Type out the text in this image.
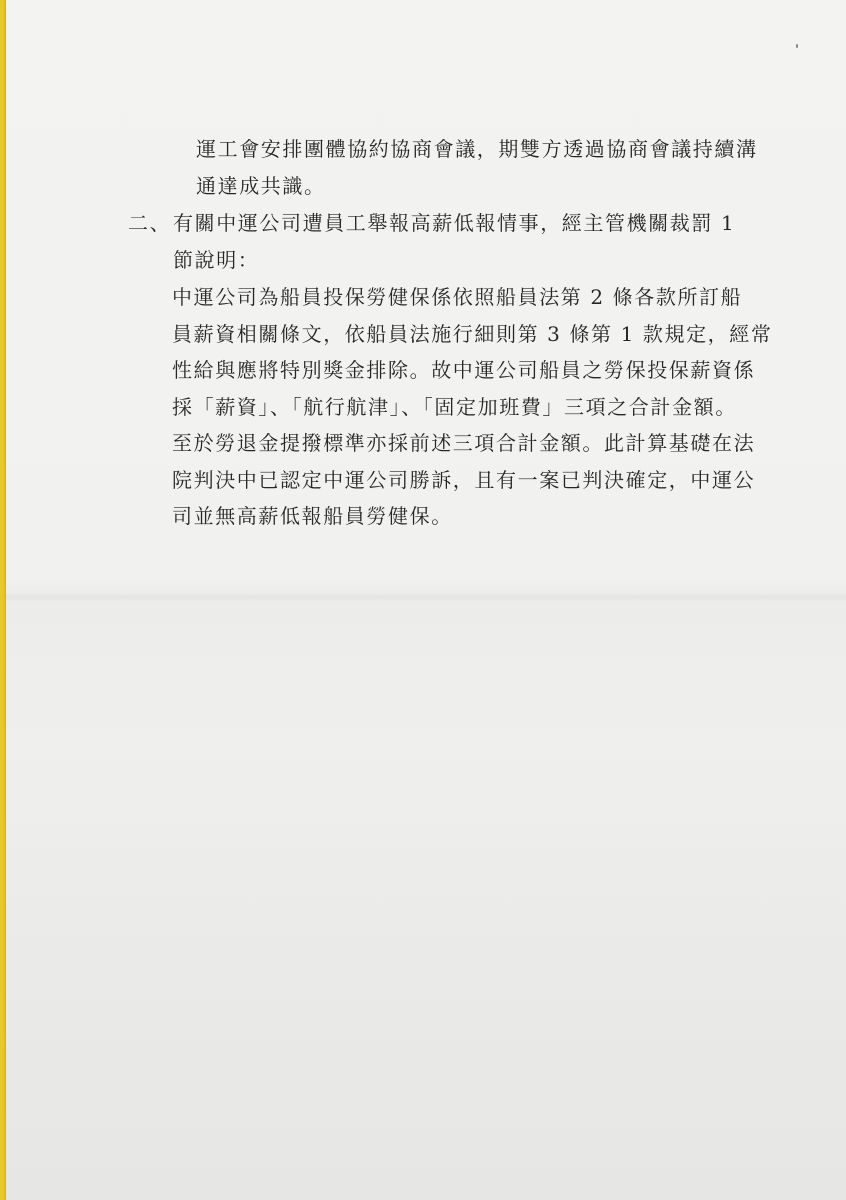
運工會安排團體協約協商會議，期雙方透過協商會議持續溝
通達成共識。
二、 有關中運公司遭員工舉報高薪低報情事，經主管機關裁罰 1
節說明：
中運公司為船員投保勞健保係依照船員法第 2 條各款所訂船
員薪資相關條文，依船員法施行細則第 3 條第 1 款規定，經常
性給與應將特別獎金排除。故中運公司船員之勞保投保薪資係
採「薪資」、「航行航津」、「固定加班費」三項之合計金額。
至於勞退金提撥標準亦採前述三項合計金額。此計算基礎在法
院判決中已認定中運公司勝訴，且有一案已判決確定，中運公
司並無高薪低報船員勞健保。
